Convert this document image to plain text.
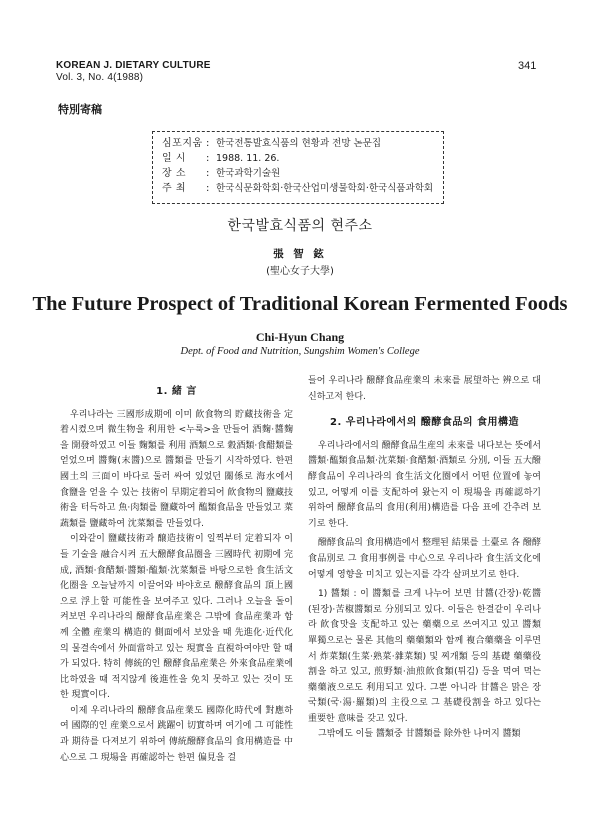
KOREAN J. DIETARY CULTURE
Vol. 3, No. 4(1988)
341
特別寄稿
심포지움 : 한국전통발효식품의 현황과 전망 논문집
일 시	: 1988. 11. 26.
장 소	: 한국과학기술원
주 최	: 한국식문화학회·한국산업미생물학회·한국식품과학회
한국발효식품의 현주소
張 智 鉉
(聖心女子大學)
The Future Prospect of Traditional Korean Fermented Foods
Chi-Hyun Chang
Dept. of Food and Nutrition, Sungshim Women's College
1. 緒 言

우리나라는 三國形成期에 이미 飮食物의 貯藏技術을 定着시켰으며 微生物을 利用한 <누룩>을 만들어 酒麴·醬麴을 開發하였고 이들 麴類를 利用 酒類으로 穀酒類·食醋類를 얻었으며 醬麴(末醬)으로 醬類를 만들기 시작하였다. 한편 國土의 三面이 바다로 둘러 싸여 있었던 關係로 海水에서 食鹽을 얻을 수 있는 技術이 早期定着되어 飮食物의 鹽藏技術을 터득하고 魚·肉類를 鹽藏하여 醢類食品을 만들었고 菜蔬類를 鹽藏하여 沈菜類를 만들었다.

이와같이 鹽藏技術과 醸造技術이 일찍부터 定着되자 이들 기술을 融合시켜 五大醱酵食品圈을 三國時代 初期에 完成, 酒類·食醋類·醬類·醢類·沈菜類를 바탕으로한 食生活文化圈을 오늘날까지 이끌어와 바야흐로 醱酵食品의 頂上國으로 浮上할 可能性을 보여주고 있다. 그러나 오늘을 돌이켜보면 우리나라의 醱酵食品産業은 그밖에 食品産業과 함께 全體 産業의 構造的 側面에서 보았을 때 先進化·近代化의 물결속에서 外面當하고 있는 現實을 直視하여야만 할 때가 되었다. 特히 傳統的인 醱酵食品産業은 外來食品産業에 比하였을 때 적지않게 後進性을 免치 못하고 있는 것이 또한 現實이다.

이제 우리나라의 醱酵食品産業도 國際化時代에 對應하여 國際的인 産業으로서 跳躍이 切實하며 여기에 그 可能性과 期待를 다져보기 위하여 傳統醱酵食品의 食用構造를 中心으로 그 現場을 再確認하는 한편 偏見을 걸

들어 우리나라 醱酵食品産業의 未來를 展望하는 辨으로 대신하고저 한다.

2. 우리나라에서의 醱酵食品의 食用構造

우리나라에서의 醱酵食品生産의 未來를 내다보는 뜻에서 醬類·醢類食品類·沈菜類·食醋類·酒類로 分別, 이들 五大醱酵食品이 우리나라의 食生活文化圈에서 어떤 位置에 놓여 있고, 어떻게 이를 支配하여 왔는지 이 現場을 再確認하기 위하여 醱酵食品의 食用(利用)構造를 다음 표에 간추려 보기로 한다.

醱酵食品의 食用構造에서 整理된 結果를 土臺로 各 醱酵食品別로 그 食用事例를 中心으로 우리나라 食生活文化에 어떻게 영향을 미치고 있는지를 각각 살펴보기로 한다.

1) 醬類 : 이 醬類를 크게 나누어 보면 甘醬(간장)·乾醬(된장)·苦椒醬類로 分別되고 있다. 이들은 한결같이 우리나라 飮食맛을 支配하고 있는 藥藥으로 쓰여지고 있고 醬類 單獨으로는 물론 其他의 藥藥類와 함께 複合藥藥을 이루면서 炸菜類(生菜·熟菜·雜菜類) 및 찌개類 등의 基礎 藥藥役割을 하고 있고, 煎野類·油煎飮食類(튀김) 등을 먹여 먹는 藥藥液으로도 利用되고 있다. 그뿐 아니라 甘醬은 맑은 장국類(국·湯·羅類)의 主役으로 그 基礎役割을 하고 있다는 重要한 意味를 갖고 있다.

그밖에도 이들 醬類중 甘醬類를 除外한 나머지 醬類
